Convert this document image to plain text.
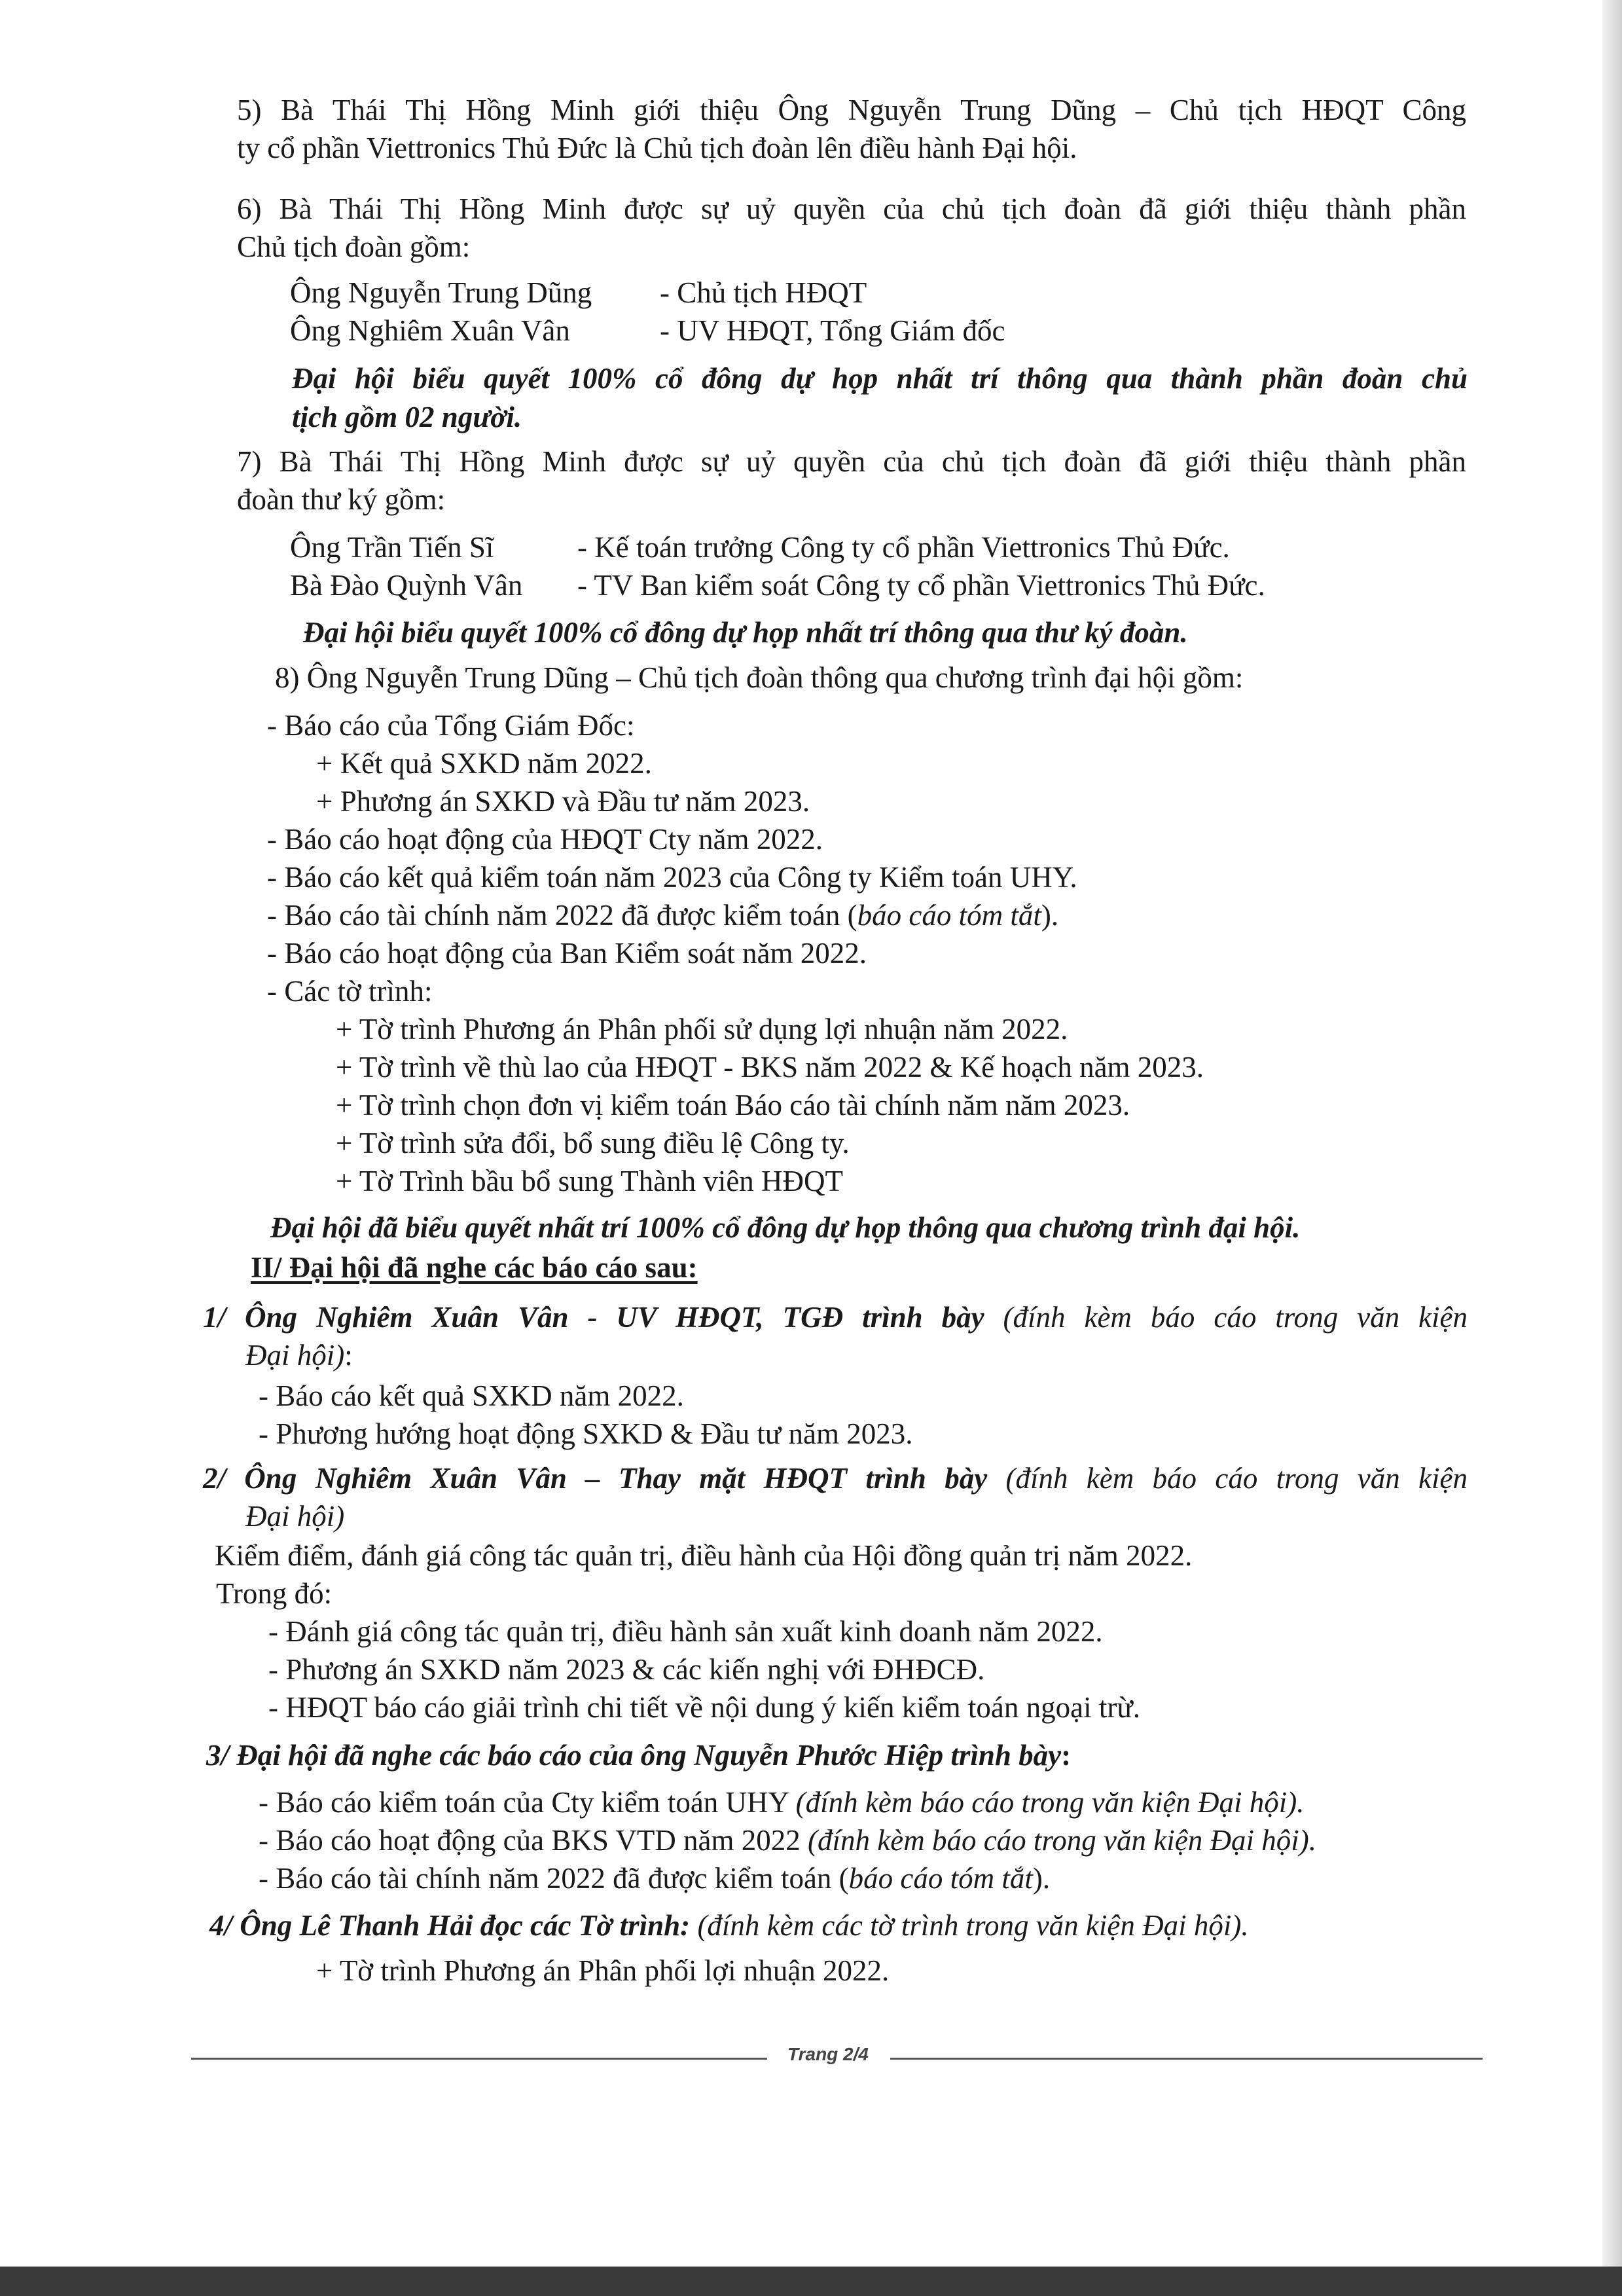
5) Bà Thái Thị Hồng Minh giới thiệu Ông Nguyễn Trung Dũng – Chủ tịch HĐQT Công
ty cổ phần Viettronics Thủ Đức là Chủ tịch đoàn lên điều hành Đại hội.
6) Bà Thái Thị Hồng Minh được sự uỷ quyền của chủ tịch đoàn đã giới thiệu thành phần
Chủ tịch đoàn gồm:
Ông Nguyễn Trung Dũng - Chủ tịch HĐQT
Ông Nghiêm Xuân Vân	- UV HĐQT, Tổng Giám đốc
Đại hội biểu quyết 100% cổ đông dự họp nhất trí thông qua thành phần đoàn chủ
tịch gồm 02 người.
7) Bà Thái Thị Hồng Minh được sự uỷ quyền của chủ tịch đoàn đã giới thiệu thành phần
đoàn thư ký gồm:
Ông Trần Tiến Sĩ	- Kế toán trưởng Công ty cổ phần Viettronics Thủ Đức.
Bà Đào Quỳnh Vân - TV Ban kiểm soát Công ty cổ phần Viettronics Thủ Đức.
Đại hội biểu quyết 100% cổ đông dự họp nhất trí thông qua thư ký đoàn.
8) Ông Nguyễn Trung Dũng – Chủ tịch đoàn thông qua chương trình đại hội gồm:
- Báo cáo của Tổng Giám Đốc:
+ Kết quả SXKD năm 2022.
+ Phương án SXKD và Đầu tư năm 2023.
- Báo cáo hoạt động của HĐQT Cty năm 2022.
- Báo cáo kết quả kiểm toán năm 2023 của Công ty Kiểm toán UHY.
- Báo cáo tài chính năm 2022 đã được kiểm toán (báo cáo tóm tắt).
- Báo cáo hoạt động của Ban Kiểm soát năm 2022.
- Các tờ trình:
+ Tờ trình Phương án Phân phối sử dụng lợi nhuận năm 2022.
+ Tờ trình về thù lao của HĐQT - BKS năm 2022 & Kế hoạch năm 2023.
+ Tờ trình chọn đơn vị kiểm toán Báo cáo tài chính năm năm 2023.
+ Tờ trình sửa đổi, bổ sung điều lệ Công ty.
+ Tờ Trình bầu bổ sung Thành viên HĐQT
Đại hội đã biểu quyết nhất trí 100% cổ đông dự họp thông qua chương trình đại hội.
II/ Đại hội đã nghe các báo cáo sau:
1/ Ông Nghiêm Xuân Vân - UV HĐQT, TGĐ trình bày (đính kèm báo cáo trong văn kiện
Đại hội):
- Báo cáo kết quả SXKD năm 2022.
- Phương hướng hoạt động SXKD & Đầu tư năm 2023.
2/ Ông Nghiêm Xuân Vân – Thay mặt HĐQT trình bày (đính kèm báo cáo trong văn kiện
Đại hội)
Kiểm điểm, đánh giá công tác quản trị, điều hành của Hội đồng quản trị năm 2022.
Trong đó:
- Đánh giá công tác quản trị, điều hành sản xuất kinh doanh năm 2022.
- Phương án SXKD năm 2023 & các kiến nghị với ĐHĐCĐ.
- HĐQT báo cáo giải trình chi tiết về nội dung ý kiến kiểm toán ngoại trừ.
3/ Đại hội đã nghe các báo cáo của ông Nguyễn Phước Hiệp trình bày:
- Báo cáo kiểm toán của Cty kiểm toán UHY (đính kèm báo cáo trong văn kiện Đại hội).
- Báo cáo hoạt động của BKS VTD năm 2022 (đính kèm báo cáo trong văn kiện Đại hội).
- Báo cáo tài chính năm 2022 đã được kiểm toán (báo cáo tóm tắt).
4/ Ông Lê Thanh Hải đọc các Tờ trình: (đính kèm các tờ trình trong văn kiện Đại hội).
+ Tờ trình Phương án Phân phối lợi nhuận 2022.
Trang 2/4
